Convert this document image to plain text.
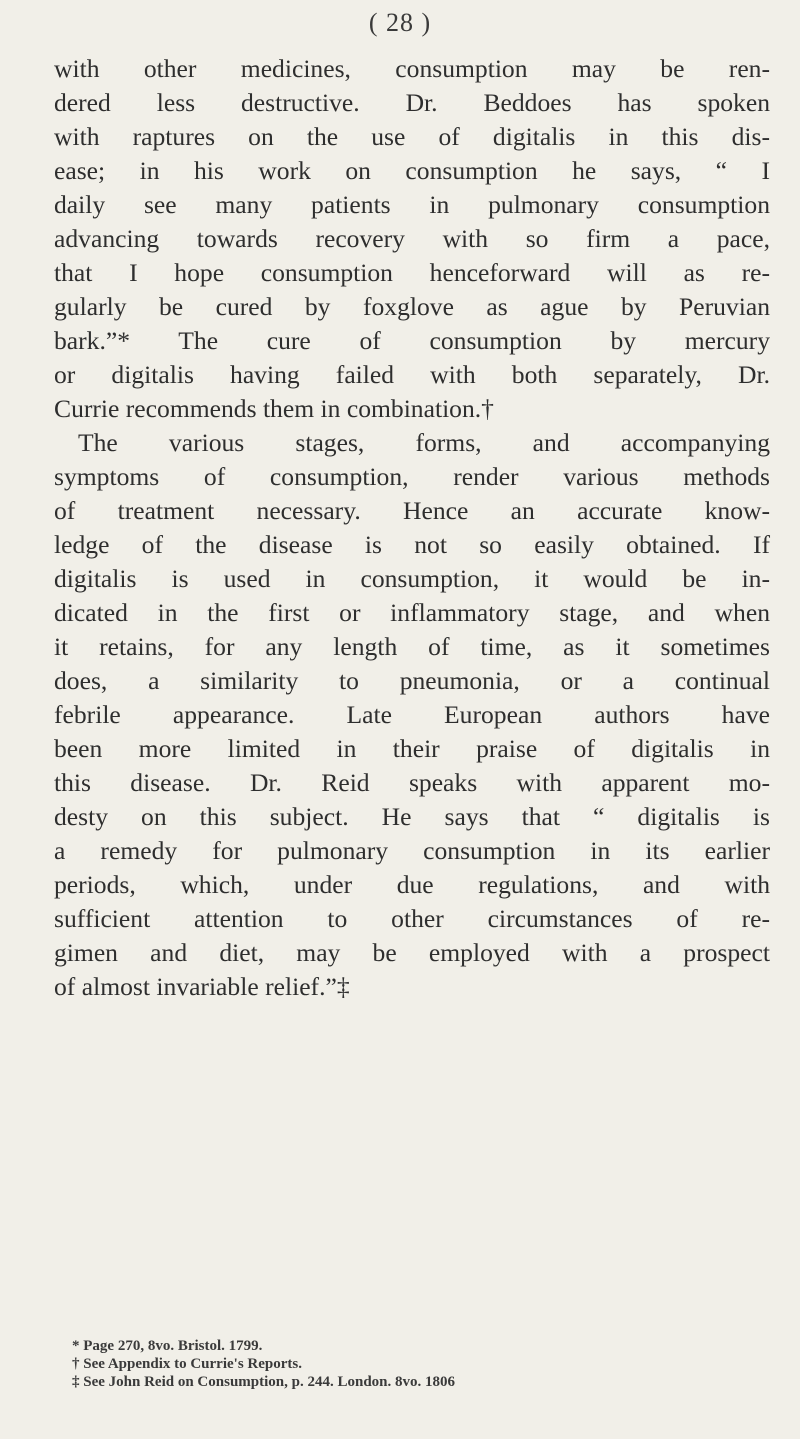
( 28 )
with other medicines, consumption may be ren-
dered less destructive. Dr. Beddoes has spoken
with raptures on the use of digitalis in this dis-
ease; in his work on consumption he says, “ I
daily see many patients in pulmonary consumption
advancing towards recovery with so firm a pace,
that I hope consumption henceforward will as re-
gularly be cured by foxglove as ague by Peruvian
bark.”* The cure of consumption by mercury
or digitalis having failed with both separately, Dr.
Currie recommends them in combination.†
The various stages, forms, and accompanying
symptoms of consumption, render various methods
of treatment necessary. Hence an accurate know-
ledge of the disease is not so easily obtained. If
digitalis is used in consumption, it would be in-
dicated in the first or inflammatory stage, and when
it retains, for any length of time, as it sometimes
does, a similarity to pneumonia, or a continual
febrile appearance. Late European authors have
been more limited in their praise of digitalis in
this disease. Dr. Reid speaks with apparent mo-
desty on this subject. He says that “ digitalis is
a remedy for pulmonary consumption in its earlier
periods, which, under due regulations, and with
sufficient attention to other circumstances of re-
gimen and diet, may be employed with a prospect
of almost invariable relief.”‡
* Page 270, 8vo. Bristol. 1799.
† See Appendix to Currie's Reports.
‡ See John Reid on Consumption, p. 244. London. 8vo. 1806
